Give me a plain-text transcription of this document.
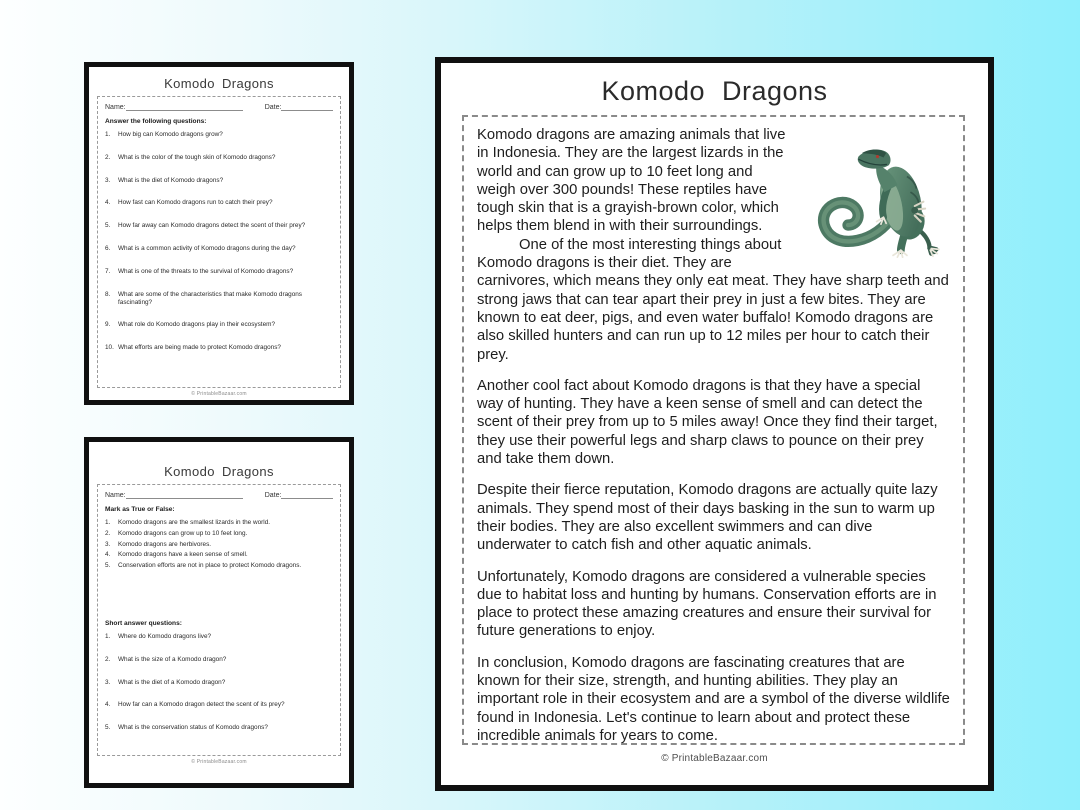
Komodo Dragons
Name:	Date:

Answer the following questions:

How big can Komodo dragons grow?
What is the color of the tough skin of Komodo dragons?
What is the diet of Komodo dragons?
How fast can Komodo dragons run to catch their prey?
How far away can Komodo dragons detect the scent of their prey?
What is a common activity of Komodo dragons during the day?
What is one of the threats to the survival of Komodo dragons?
What are some of the characteristics that make Komodo dragons fascinating?
What role do Komodo dragons play in their ecosystem?
What efforts are being made to protect Komodo dragons?
© PrintableBazaar.com
Komodo Dragons
Name:	Date:

Mark as True or False:

Komodo dragons are the smallest lizards in the world.
Komodo dragons can grow up to 10 feet long.
Komodo dragons are herbivores.
Komodo dragons have a keen sense of smell.
Conservation efforts are not in place to protect Komodo dragons.

Short answer questions:

Where do Komodo dragons live?
What is the size of a Komodo dragon?
What is the diet of a Komodo dragon?
How far can a Komodo dragon detect the scent of its prey?
What is the conservation status of Komodo dragons?
© PrintableBazaar.com
Komodo Dragons

Komodo dragons are amazing animals that live in Indonesia. They are the largest lizards in the world and can grow up to 10 feet long and weigh over 300 pounds! These reptiles have tough skin that is a grayish-brown color, which helps them blend in with their surroundings.

One of the most interesting things about Komodo dragons is their diet. They are carnivores, which means they only eat meat. They have sharp teeth and strong jaws that can tear apart their prey in just a few bites. They are known to eat deer, pigs, and even water buffalo! Komodo dragons are also skilled hunters and can run up to 12 miles per hour to catch their prey.

Another cool fact about Komodo dragons is that they have a special way of hunting. They have a keen sense of smell and can detect the scent of their prey from up to 5 miles away! Once they find their target, they use their powerful legs and sharp claws to pounce on their prey and take them down.

Despite their fierce reputation, Komodo dragons are actually quite lazy animals. They spend most of their days basking in the sun to warm up their bodies. They are also excellent swimmers and can dive underwater to catch fish and other aquatic animals.

Unfortunately, Komodo dragons are considered a vulnerable species due to habitat loss and hunting by humans. Conservation efforts are in place to protect these amazing creatures and ensure their survival for future generations to enjoy.

In conclusion, Komodo dragons are fascinating creatures that are known for their size, strength, and hunting abilities. They play an important role in their ecosystem and are a symbol of the diverse wildlife found in Indonesia. Let's continue to learn about and protect these incredible animals for years to come.

© PrintableBazaar.com
